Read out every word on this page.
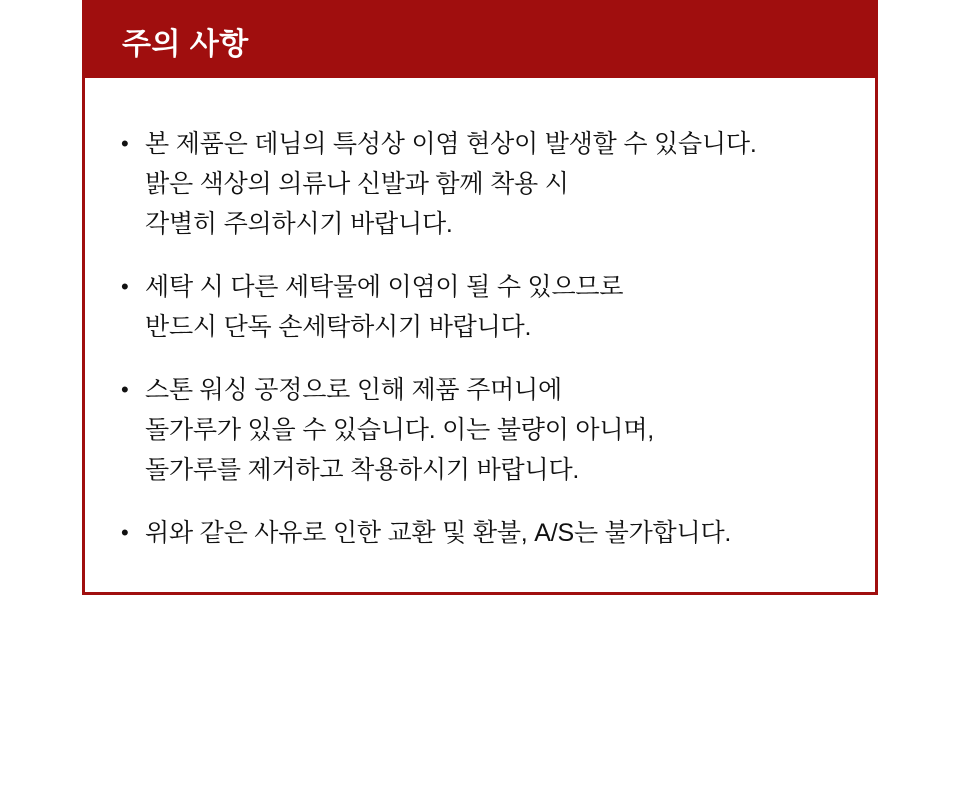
주의 사항
• 본 제품은 데님의 특성상 이염 현상이 발생할 수 있습니다.
밝은 색상의 의류나 신발과 함께 착용 시
각별히 주의하시기 바랍니다.
• 세탁 시 다른 세탁물에 이염이 될 수 있으므로
반드시 단독 손세탁하시기 바랍니다.
• 스톤 워싱 공정으로 인해 제품 주머니에
돌가루가 있을 수 있습니다. 이는 불량이 아니며,
돌가루를 제거하고 착용하시기 바랍니다.
• 위와 같은 사유로 인한 교환 및 환불, A/S는 불가합니다.
